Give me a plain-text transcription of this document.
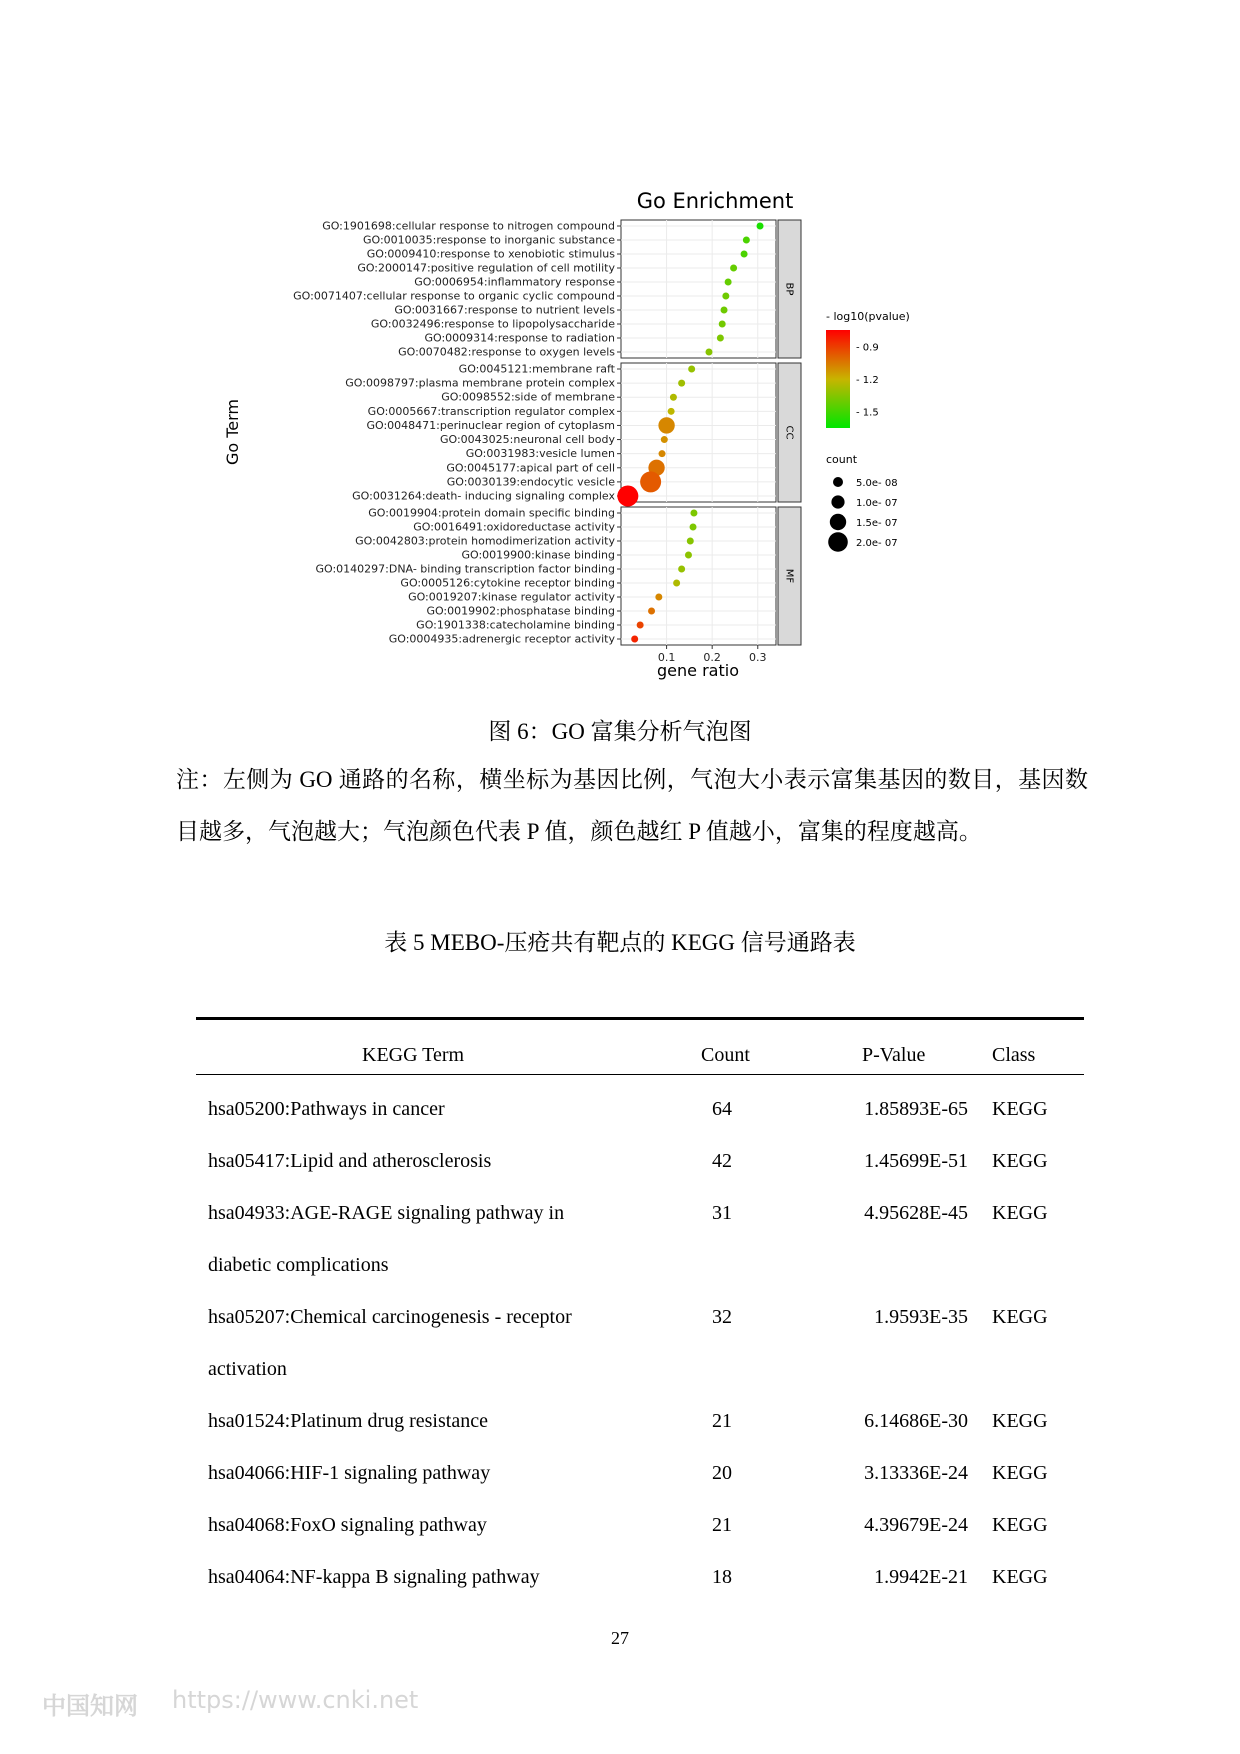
Go Enrichment
GO:1901698:cellular response to nitrogen compound
GO:0010035:response to inorganic substance
GO:0009410:response to xenobiotic stimulus
GO:2000147:positive regulation of cell motility
GO:0006954:inflammatory response
GO:0071407:cellular response to organic cyclic compound
GO:0031667:response to nutrient levels
GO:0032496:response to lipopolysaccharide
GO:0009314:response to radiation
GO:0070482:response to oxygen levels
BP
GO:0045121:membrane raft
GO:0098797:plasma membrane protein complex
GO:0098552:side of membrane
GO:0005667:transcription regulator complex
GO:0048471:perinuclear region of cytoplasm
GO:0043025:neuronal cell body
GO:0031983:vesicle lumen
GO:0045177:apical part of cell
GO:0030139:endocytic vesicle
GO:0031264:death- inducing signaling complex
CC
GO:0019904:protein domain specific binding
GO:0016491:oxidoreductase activity
GO:0042803:protein homodimerization activity
GO:0019900:kinase binding
GO:0140297:DNA- binding transcription factor binding
GO:0005126:cytokine receptor binding
GO:0019207:kinase regulator activity
GO:0019902:phosphatase binding
GO:1901338:catecholamine binding
GO:0004935:adrenergic receptor activity
MF
0.1	0.2	0.3
gene ratio
Go Term
- log10(pvalue)
- 0.9
- 1.2
- 1.5
count
5.0e- 08
1.0e- 07
1.5e- 07
2.0e- 07
图 6：GO 富集分析气泡图
注：左侧为 GO 通路的名称，横坐标为基因比例，气泡大小表示富集基因的数目，基因数目越多，气泡越大；气泡颜色代表 P 值，颜色越红 P 值越小，富集的程度越高。
表 5 MEBO-压疮共有靶点的 KEGG 信号通路表
KEGG Term	Count	P-Value	Class
hsa05200:Pathways in cancer	64	1.85893E-65 KEGG
hsa05417:Lipid and atherosclerosis	42	1.45699E-51 KEGG
hsa04933:AGE-RAGE signaling pathway in	31	4.95628E-45 KEGG
diabetic complications
hsa05207:Chemical carcinogenesis - receptor	32	1.9593E-35 KEGG
activation
hsa01524:Platinum drug resistance	21	6.14686E-30 KEGG
hsa04066:HIF-1 signaling pathway	20	3.13336E-24 KEGG
hsa04068:FoxO signaling pathway	21	4.39679E-24 KEGG
hsa04064:NF-kappa B signaling pathway	18	1.9942E-21 KEGG
27
中国知网 https://www.cnki.net
